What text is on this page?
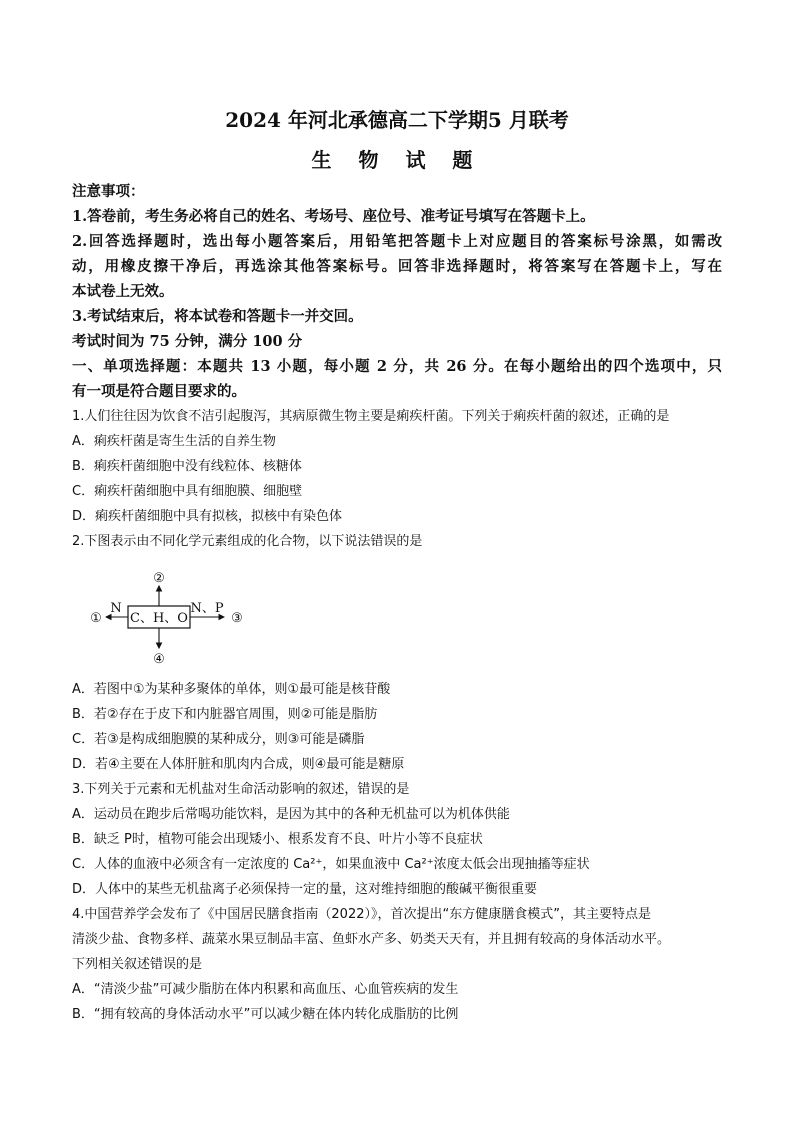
2024 年河北承德高二下学期5 月联考
生 物 试 题
注意事项：
1.答卷前，考生务必将自己的姓名、考场号、座位号、准考证号填写在答题卡上。
2.回答选择题时，选出每小题答案后，用铅笔把答题卡上对应题目的答案标号涂黑，如需改
动，用橡皮擦干净后，再选涂其他答案标号。回答非选择题时，将答案写在答题卡上，写在
本试卷上无效。
3.考试结束后，将本试卷和答题卡一并交回。
考试时间为 75 分钟，满分 100 分
一、单项选择题：本题共 13 小题，每小题 2 分，共 26 分。在每小题给出的四个选项中，只
有一项是符合题目要求的。
1.人们往往因为饮食不洁引起腹泻，其病原微生物主要是痢疾杆菌。下列关于痢疾杆菌的叙述，正确的是
A．痢疾杆菌是寄生生活的自养生物
B．痢疾杆菌细胞中没有线粒体、核糖体
C．痢疾杆菌细胞中具有细胞膜、细胞壁
D．痢疾杆菌细胞中具有拟核，拟核中有染色体
2.下图表示由不同化学元素组成的化合物，以下说法错误的是
C、H、O
N	N、P
②
④
①	③
A．若图中①为某种多聚体的单体，则①最可能是核苷酸
B．若②存在于皮下和内脏器官周围，则②可能是脂肪
C．若③是构成细胞膜的某种成分，则③可能是磷脂
D．若④主要在人体肝脏和肌肉内合成，则④最可能是糖原
3.下列关于元素和无机盐对生命活动影响的叙述，错误的是
A．运动员在跑步后常喝功能饮料，是因为其中的各种无机盐可以为机体供能
B．缺乏 P时，植物可能会出现矮小、根系发育不良、叶片小等不良症状
C．人体的血液中必须含有一定浓度的 Ca²⁺，如果血液中 Ca²⁺浓度太低会出现抽搐等症状
D．人体中的某些无机盐离子必须保持一定的量，这对维持细胞的酸碱平衡很重要
4.中国营养学会发布了《中国居民膳食指南（2022）》，首次提出“东方健康膳食模式”，其主要特点是
清淡少盐、食物多样、蔬菜水果豆制品丰富、鱼虾水产多、奶类天天有，并且拥有较高的身体活动水平。
下列相关叙述错误的是
A．“清淡少盐”可减少脂肪在体内积累和高血压、心血管疾病的发生
B．“拥有较高的身体活动水平”可以减少糖在体内转化成脂肪的比例
